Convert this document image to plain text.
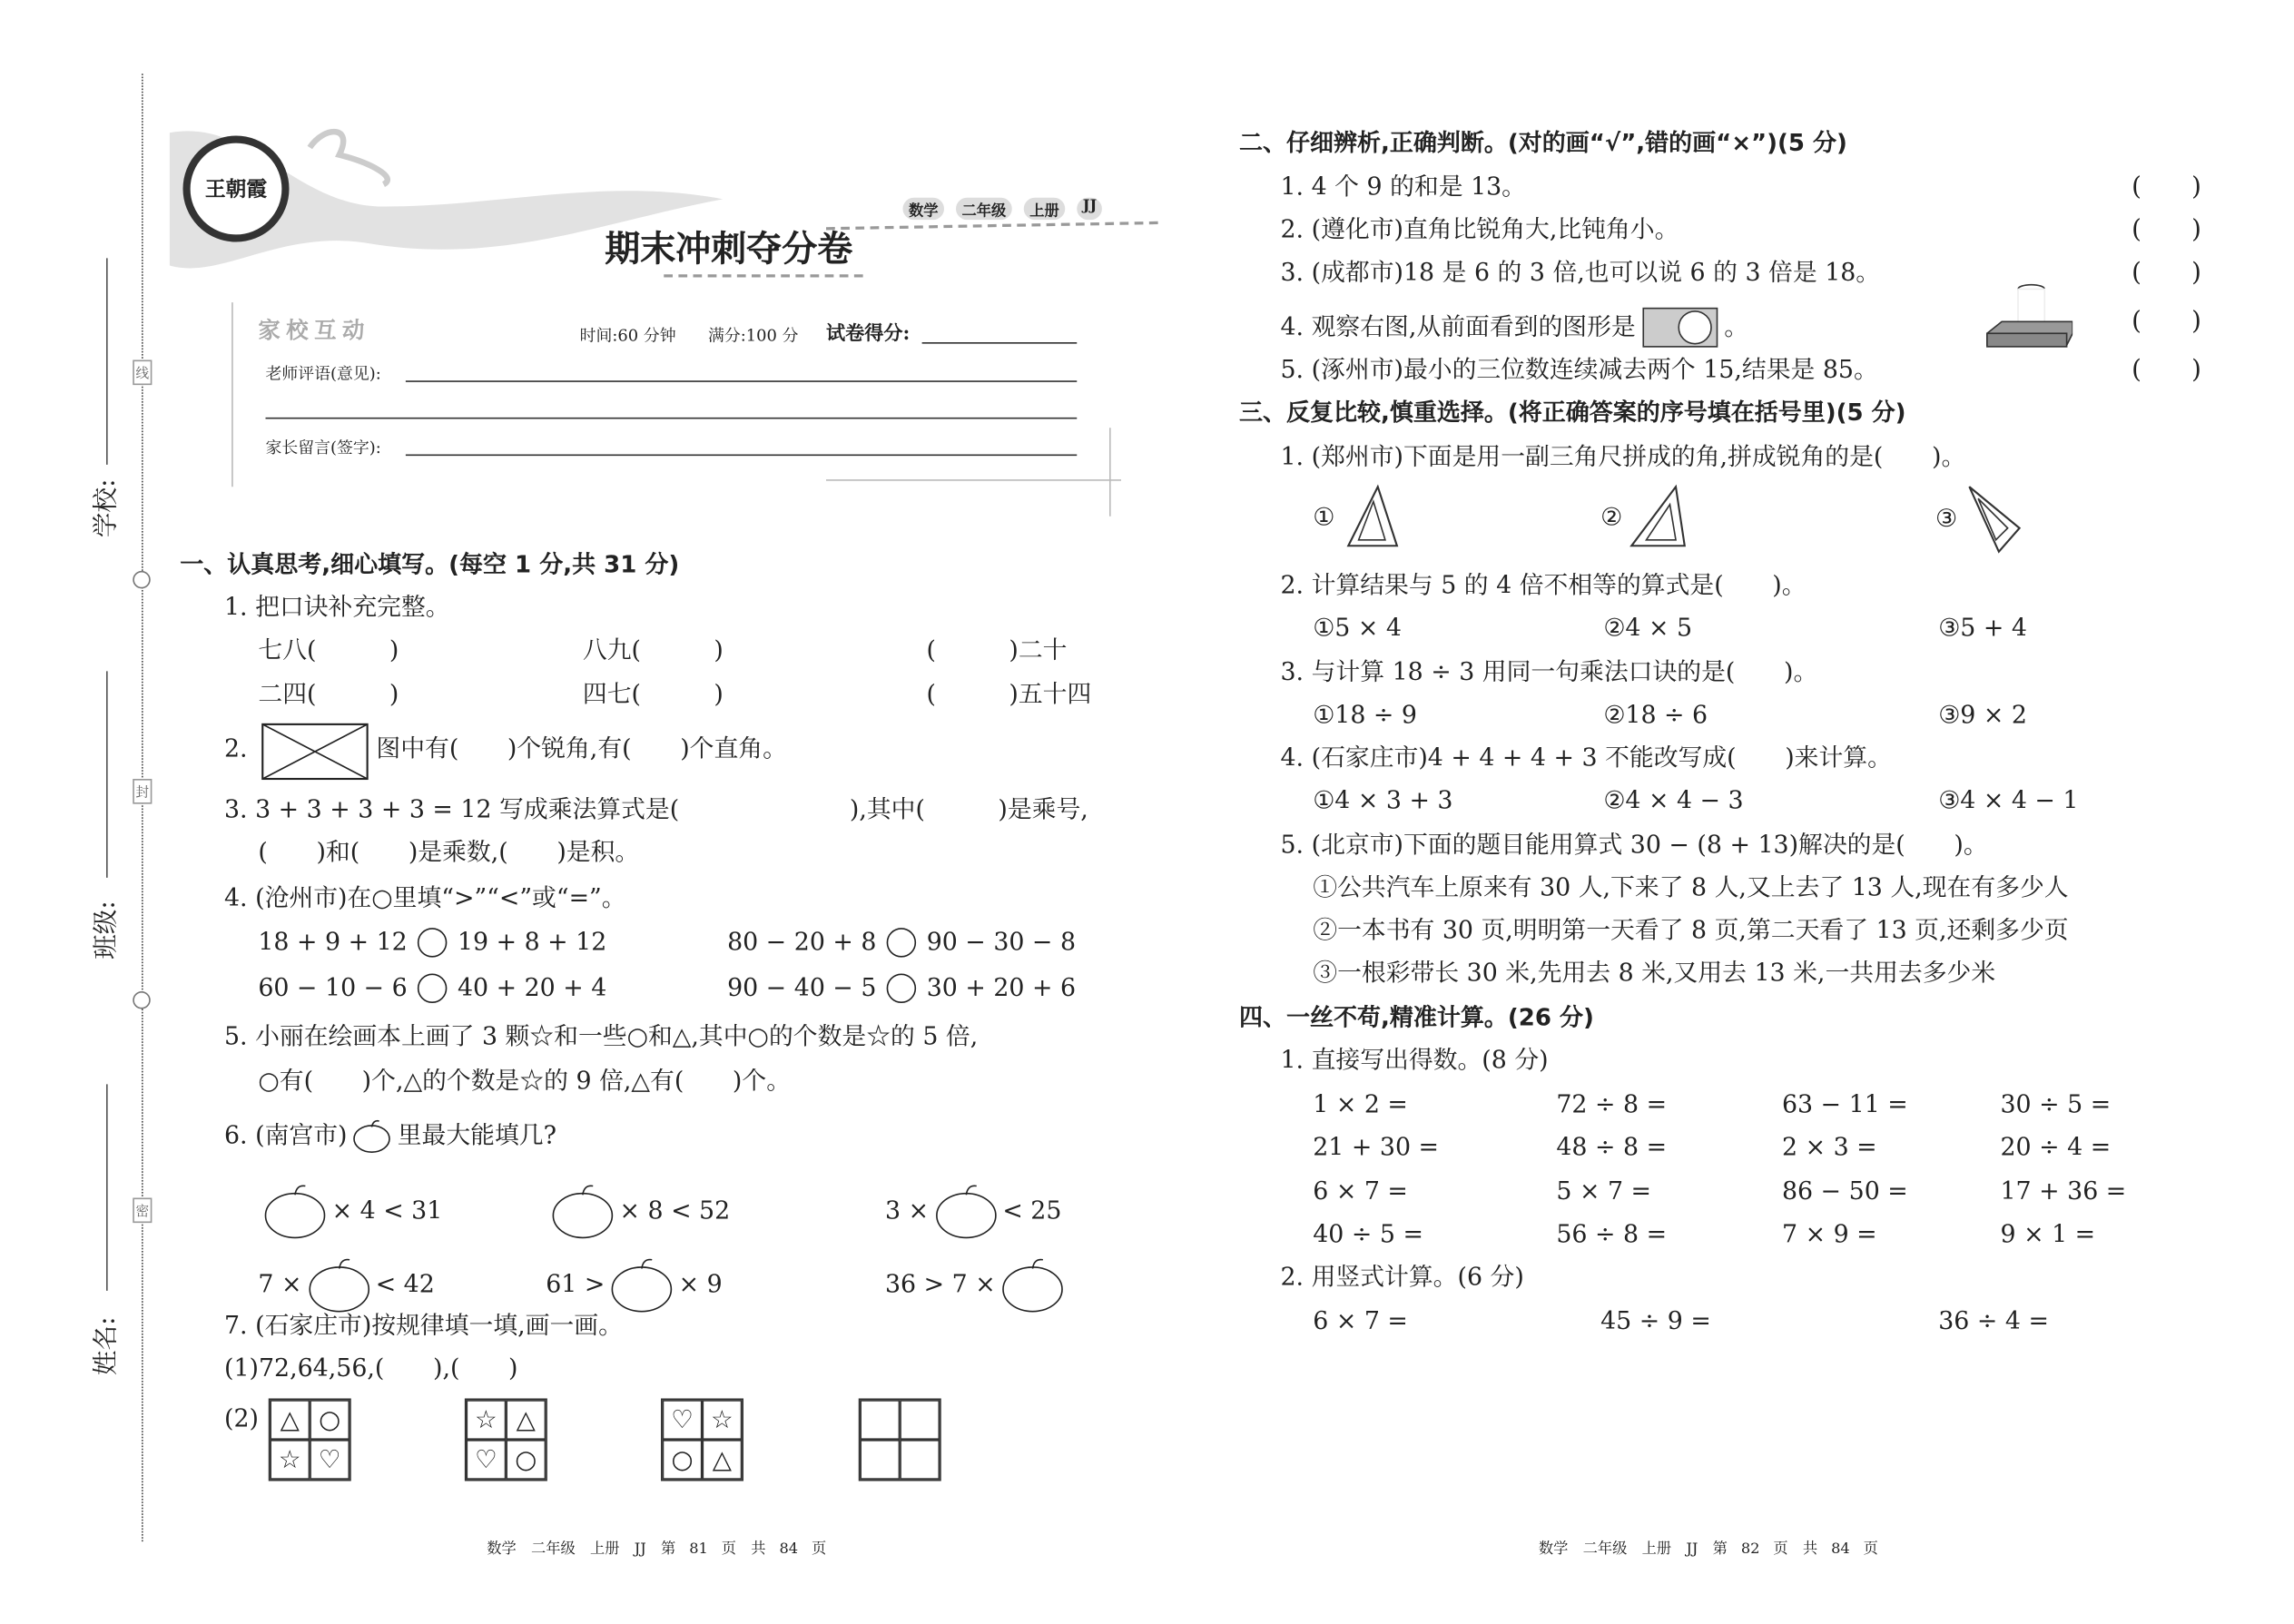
线
封
密
学校:
班级:
姓名:
王朝霞
数学	二年级	上册	JJ
期末冲刺夺分卷
家校互动	时间:60 分钟	满分:100 分 试卷得分:
老师评语(意见):
家长留言(签字):
一、认真思考,细心填写。(每空 1 分,共 31 分)
1. 把口诀补充完整。
七八(　　　)	八九(　　　)	(　　　)二十
二四(　　　)	四七(　　　)	(　　　)五十四
2.	图中有(　　)个锐角,有(　　)个直角。
3. 3 + 3 + 3 + 3 = 12 写成乘法算式是(　　　　　　　),其中(　　　)是乘号,
(　　)和(　　)是乘数,(　　)是积。
4. (沧州市)在○里填“>”“<”或“=”。
18 + 9 + 12	19 + 8 + 12	80 − 20 + 8	90 − 30 − 8
60 − 10 − 6	40 + 20 + 4	90 − 40 − 5	30 + 20 + 6
5. 小丽在绘画本上画了 3 颗☆和一些○和△,其中○的个数是☆的 5 倍,
○有(　　)个,△的个数是☆的 9 倍,△有(　　)个。
6. (南宫市)	里最大能填几?
× 4 < 31	× 8 < 52	3 ×	< 25
7 ×	< 42	61 >	× 9	36 > 7 ×
7. (石家庄市)按规律填一填,画一画。
(1)72,64,56,(　　),(　　)
(2)	△	○
☆	♡
☆	△
♡	○
♡	☆
○	△
数学　二年级　上册　JJ　第 81 页　共 84 页
二、仔细辨析,正确判断。(对的画“√”,错的画“×”)(5 分)
1. 4 个 9 的和是 13。
2. (遵化市)直角比锐角大,比钝角小。
3. (成都市)18 是 6 的 3 倍,也可以说 6 的 3 倍是 18。
4. 观察右图,从前面看到的图形是	。
5. (涿州市)最小的三位数连续减去两个 15,结果是 85。
()
()
()
()
()
三、反复比较,慎重选择。(将正确答案的序号填在括号里)(5 分)
1. (郑州市)下面是用一副三角尺拼成的角,拼成锐角的是(　　)。
①	②	③
2. 计算结果与 5 的 4 倍不相等的算式是(　　)。
①5 × 4	②4 × 5	③5 + 4
3. 与计算 18 ÷ 3 用同一句乘法口诀的是(　　)。
①18 ÷ 9	②18 ÷ 6	③9 × 2
4. (石家庄市)4 + 4 + 4 + 3 不能改写成(　　)来计算。
①4 × 3 + 3	②4 × 4 − 3	③4 × 4 − 1
5. (北京市)下面的题目能用算式 30 − (8 + 13)解决的是(　　)。
①公共汽车上原来有 30 人,下来了 8 人,又上去了 13 人,现在有多少人
②一本书有 30 页,明明第一天看了 8 页,第二天看了 13 页,还剩多少页
③一根彩带长 30 米,先用去 8 米,又用去 13 米,一共用去多少米
四、一丝不苟,精准计算。(26 分)
1. 直接写出得数。(8 分)
1 × 2 =	72 ÷ 8 =	63 − 11 =	30 ÷ 5 =
21 + 30 =	48 ÷ 8 =	2 × 3 =	20 ÷ 4 =
6 × 7 =	5 × 7 =	86 − 50 =	17 + 36 =
40 ÷ 5 =	56 ÷ 8 =	7 × 9 =	9 × 1 =
2. 用竖式计算。(6 分)
6 × 7 =	45 ÷ 9 =	36 ÷ 4 =
数学　二年级　上册　JJ　第 82 页　共 84 页
